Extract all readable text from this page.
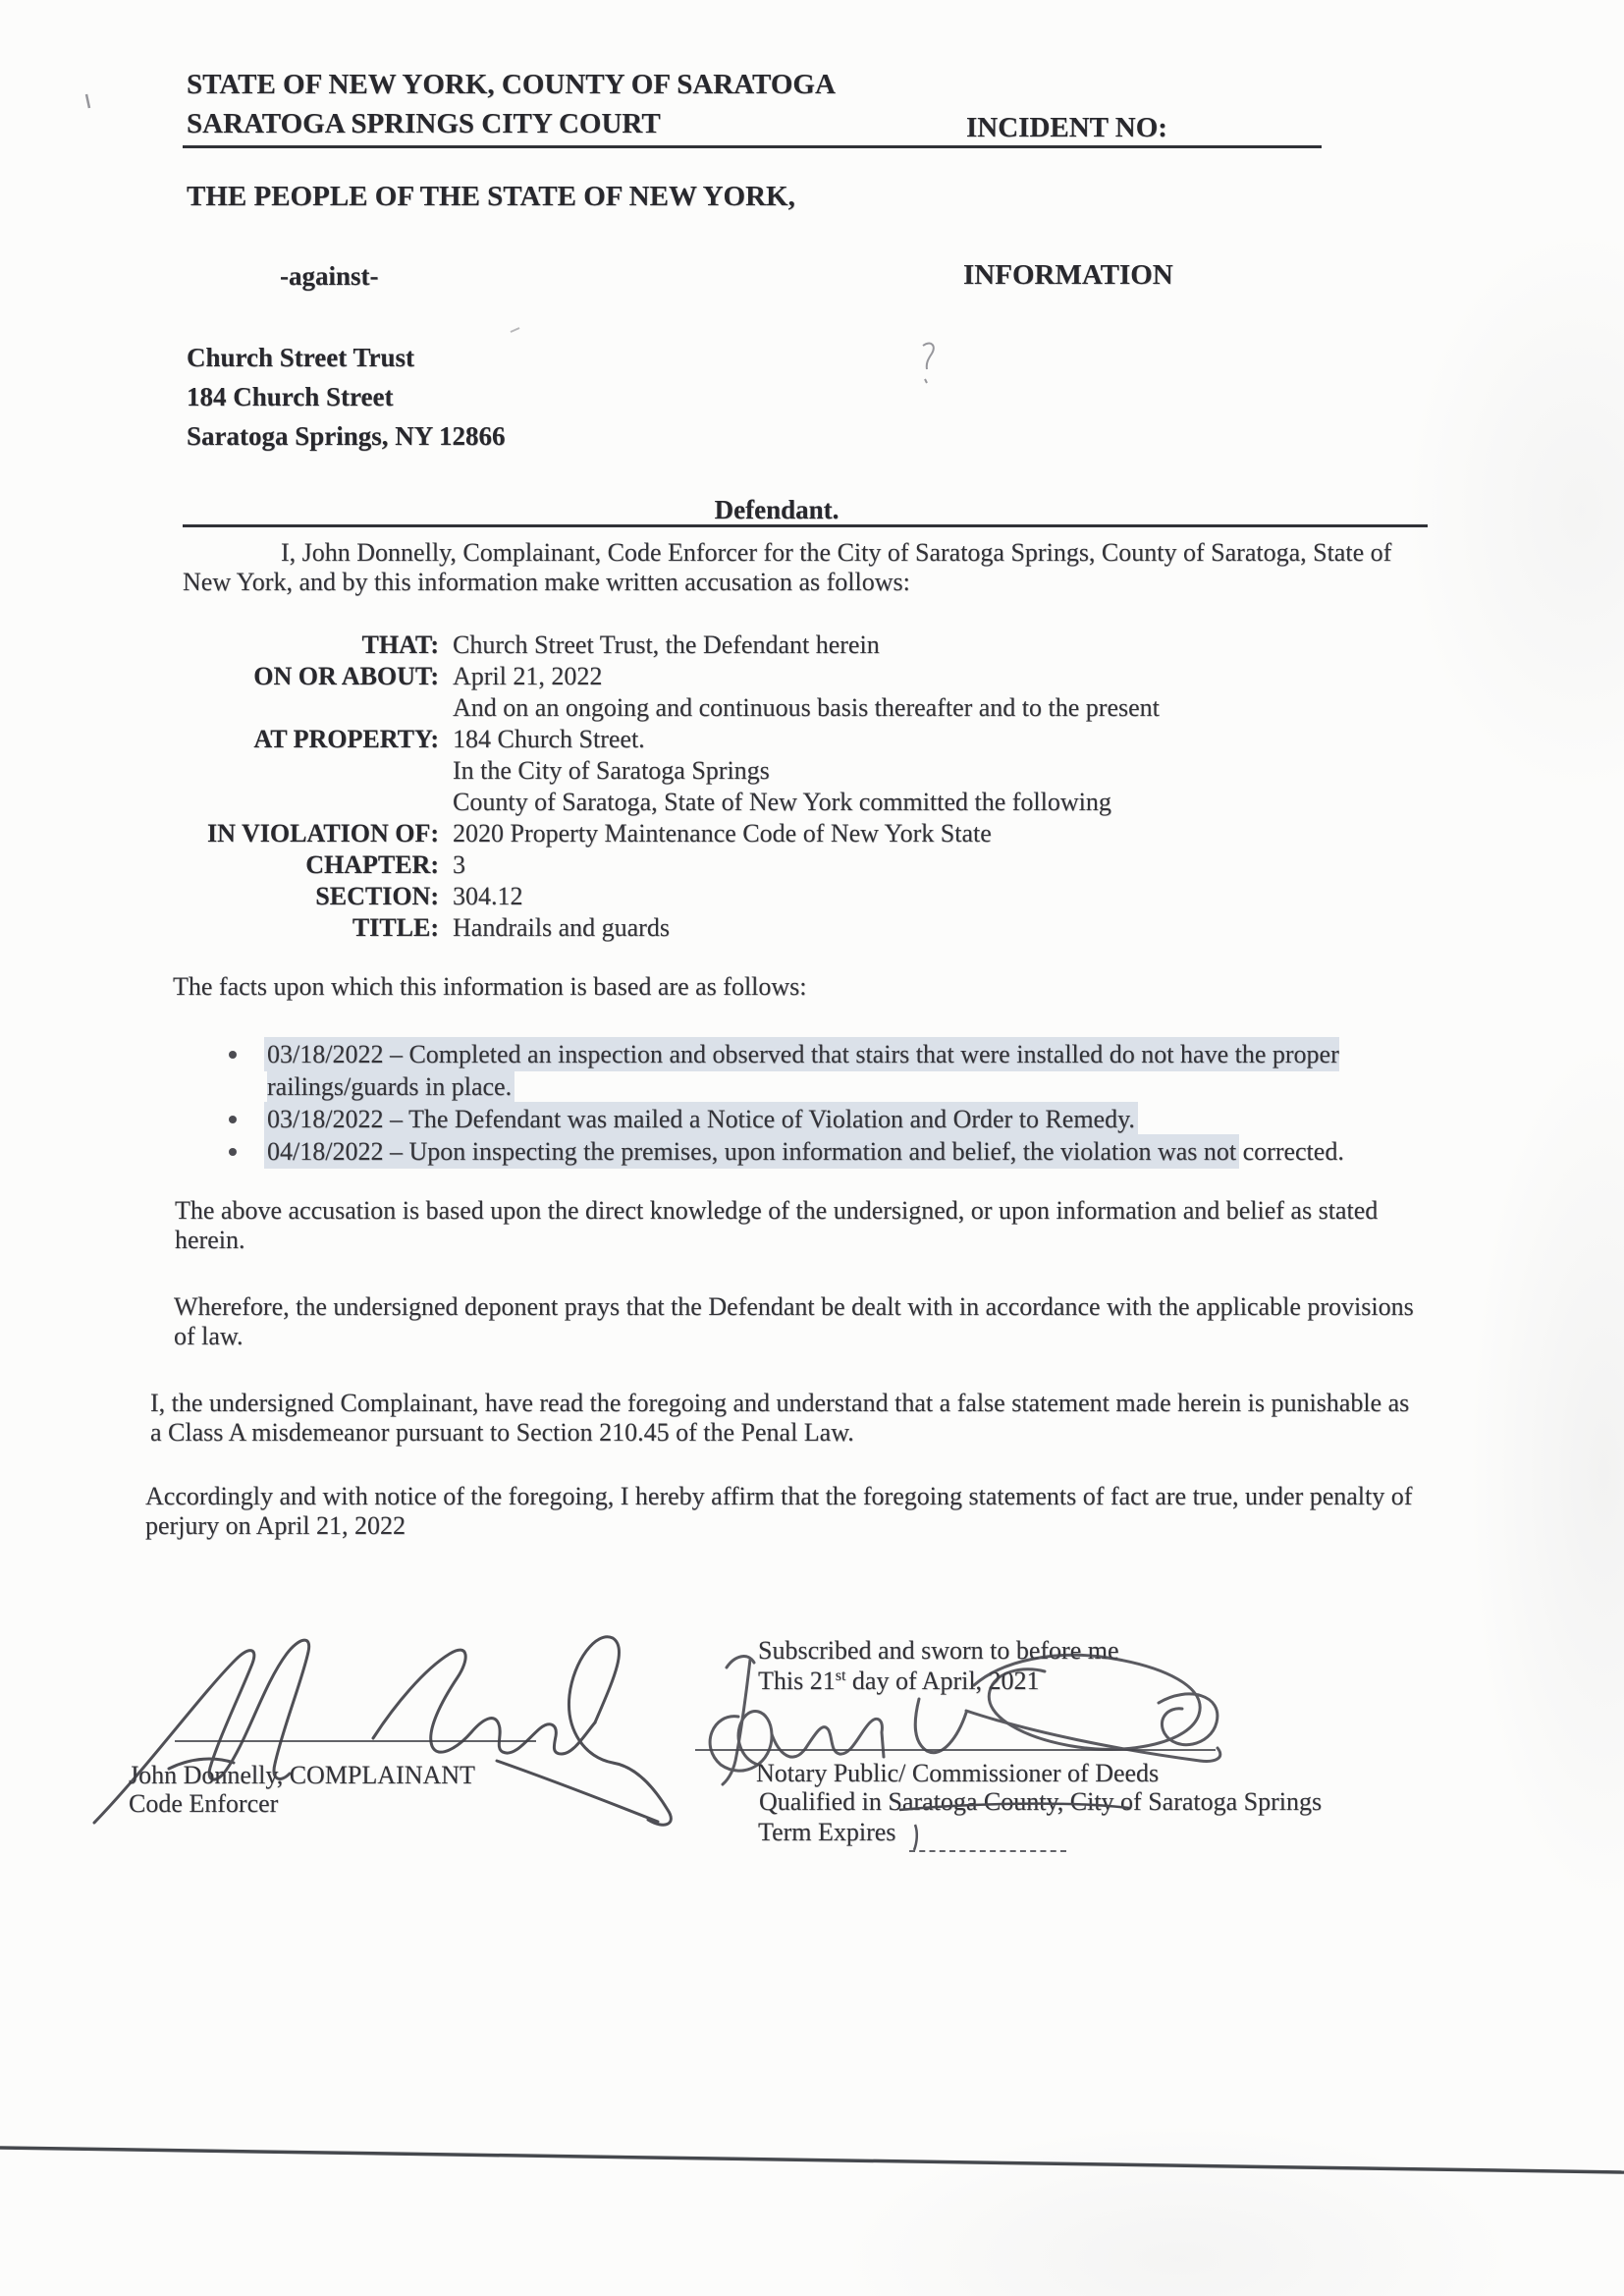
STATE OF NEW YORK, COUNTY OF SARATOGA
SARATOGA SPRINGS CITY COURT	INCIDENT NO:
THE PEOPLE OF THE STATE OF NEW YORK,
-against-	INFORMATION
Church Street Trust
184 Church Street
Saratoga Springs, NY 12866
Defendant.
I, John Donnelly, Complainant, Code Enforcer for the City of Saratoga Springs, County of Saratoga, State of New York, and by this information make written accusation as follows:
THAT: Church Street Trust, the Defendant herein
ON OR ABOUT: April 21, 2022
And on an ongoing and continuous basis thereafter and to the present
AT PROPERTY: 184 Church Street.
In the City of Saratoga Springs
County of Saratoga, State of New York committed the following
IN VIOLATION OF: 2020 Property Maintenance Code of New York State
CHAPTER: 3
SECTION: 304.12
TITLE: Handrails and guards
The facts upon which this information is based are as follows:
03/18/2022 – Completed an inspection and observed that stairs that were installed do not have the proper railings/guards in place.
03/18/2022 – The Defendant was mailed a Notice of Violation and Order to Remedy.
04/18/2022 – Upon inspecting the premises, upon information and belief, the violation was not corrected.
The above accusation is based upon the direct knowledge of the undersigned, or upon information and belief as stated herein.
Wherefore, the undersigned deponent prays that the Defendant be dealt with in accordance with the applicable provisions of law.
I, the undersigned Complainant, have read the foregoing and understand that a false statement made herein is punishable as a Class A misdemeanor pursuant to Section 210.45 of the Penal Law.
Accordingly and with notice of the foregoing, I hereby affirm that the foregoing statements of fact are true, under penalty of perjury on April 21, 2022
John Donnelly, COMPLAINANT
Code Enforcer
Subscribed and sworn to before me
This 21st day of April, 2021
Notary Public/ Commissioner of Deeds
Qualified in Saratoga County, City of Saratoga Springs
Term Expires
